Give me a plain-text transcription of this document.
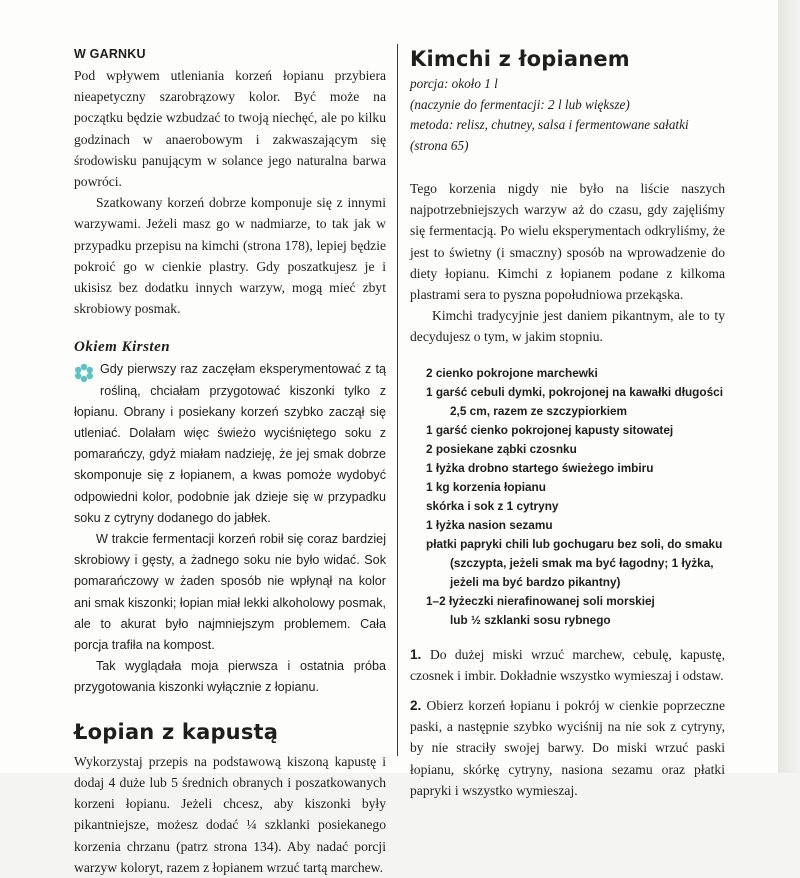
W GARNKU

Pod wpływem utleniania korzeń łopianu przybiera nieapetyczny szarobrązowy kolor. Być może na początku będzie wzbudzać to twoją niechęć, ale po kilku godzinach w anaerobowym i zakwaszającym się środowisku panującym w solance jego naturalna barwa powróci.

Szatkowany korzeń dobrze komponuje się z innymi warzywami. Jeżeli masz go w nadmiarze, to tak jak w przypadku przepisu na kimchi (strona 178), lepiej będzie pokroić go w cienkie plastry. Gdy poszatkujesz je i ukisisz bez dodatku innych warzyw, mogą mieć zbyt skrobiowy posmak.

Okiem Kirsten

Gdy pierwszy raz zaczęłam eksperymentować z tą rośliną, chciałam przygotować kiszonki tylko z łopianu. Obrany i posiekany korzeń szybko zaczął się utleniać. Dolałam więc świeżo wyciśniętego soku z pomarańczy, gdyż miałam nadzieję, że jej smak dobrze skomponuje się z łopianem, a kwas pomoże wydobyć odpowiedni kolor, podobnie jak dzieje się w przypadku soku z cytryny dodanego do jabłek.

W trakcie fermentacji korzeń robił się coraz bardziej skrobiowy i gęsty, a żadnego soku nie było widać. Sok pomarańczowy w żaden sposób nie wpłynął na kolor ani smak kiszonki; łopian miał lekki alkoholowy posmak, ale to akurat było najmniejszym problemem. Cała porcja trafiła na kompost.

Tak wyglądała moja pierwsza i ostatnia próba przygotowania kiszonki wyłącznie z łopianu.

Łopian z kapustą

Wykorzystaj przepis na podstawową kiszoną kapustę i dodaj 4 duże lub 5 średnich obranych i poszatkowanych korzeni łopianu. Jeżeli chcesz, aby kiszonki były pikantniejsze, możesz dodać ¼ szklanki posiekanego korzenia chrzanu (patrz strona 134). Aby nadać porcji warzyw koloryt, razem z łopianem wrzuć tartą marchew.

Kimchi z łopianem
porcja: około 1 l
(naczynie do fermentacji: 2 l lub większe)
metoda: relisz, chutney, salsa i fermentowane sałatki
(strona 65)

Tego korzenia nigdy nie było na liście naszych najpotrzebniejszych warzyw aż do czasu, gdy zajęliśmy się fermentacją. Po wielu eksperymentach odkryliśmy, że jest to świetny (i smaczny) sposób na wprowadzenie do diety łopianu. Kimchi z łopianem podane z kilkoma plastrami sera to pyszna popołudniowa przekąska.

Kimchi tradycyjnie jest daniem pikantnym, ale to ty decydujesz o tym, w jakim stopniu.

2 cienko pokrojone marchewki
1 garść cebuli dymki, pokrojonej na kawałki długości
2,5 cm, razem ze szczypiorkiem
1 garść cienko pokrojonej kapusty sitowatej
2 posiekane ząbki czosnku
1 łyżka drobno startego świeżego imbiru
1 kg korzenia łopianu
skórka i sok z 1 cytryny
1 łyżka nasion sezamu
płatki papryki chili lub gochugaru bez soli, do smaku
(szczypta, jeżeli smak ma być łagodny; 1 łyżka, jeżeli ma być bardzo pikantny)
1–2 łyżeczki nierafinowanej soli morskiej
lub ½ szklanki sosu rybnego

1. Do dużej miski wrzuć marchew, cebulę, kapustę, czosnek i imbir. Dokładnie wszystko wymieszaj i odstaw.

2. Obierz korzeń łopianu i pokrój w cienkie poprzeczne paski, a następnie szybko wyciśnij na nie sok z cytryny, by nie straciły swojej barwy. Do miski wrzuć paski łopianu, skórkę cytryny, nasiona sezamu oraz płatki papryki i wszystko wymieszaj.
